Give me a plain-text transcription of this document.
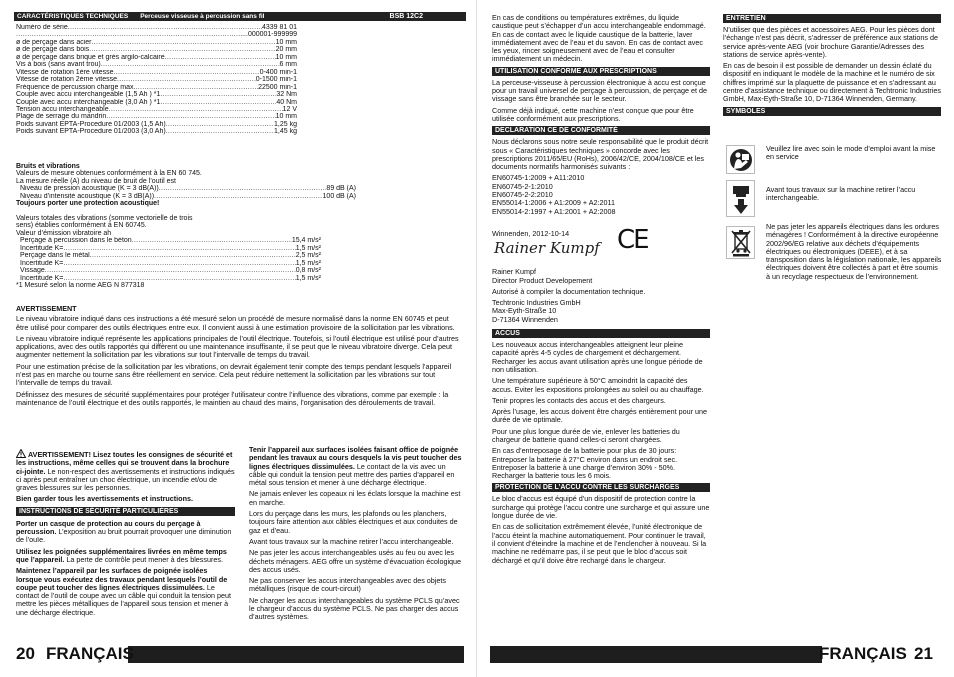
CARACTÉRISTIQUES TECHNIQUES Perceuse visseuse à percussion sans fil	BSB 12C2
Numéro de série .....	4339 81 01
.....
...000001-999999
ø de perçage dans acier .....	10 mm
ø de perçage dans bois .....	20 mm
ø de perçage dans brique et grès argilo-calcaire .....	10 mm
Vis à bois (sans avant trou) .....	6 mm
Vitesse de rotation 1ère vitesse .....	0-400 min-1
Vitesse de rotation 2ème vitesse .....	0-1500 min-1
Fréquence de percussion charge max. .....	22500 min-1
Couple avec accu interchangeable (1,5 Ah ) *1 .....	32 Nm
Couple avec accu interchangeable (3,0 Ah ) *1 .....	40 Nm
Tension accu interchangeable .....	12 V
Plage de serrage du mandrin .....	10 mm
Poids suivant EPTA-Procedure 01/2003 (1,5 Ah) .....	1,25 kg
Poids suivant EPTA-Procedure 01/2003 (3,0 Ah) .....	1,45 kg
Bruits et vibrations
Valeurs de mesure obtenues conformément à la EN 60 745.
La mesure réelle (A) du niveau de bruit de l’outil est
Niveau de pression acoustique (K = 3 dB(A)) .....	89 dB (A)
Niveau d’intensité acoustique (K = 3 dB(A)) .....	100 dB (A)
Toujours porter une protection acoustique!
Valeurs totales des vibrations (somme vectorielle de trois
sens) établies conformément à EN 60745.
Valeur d’émission vibratoire ah
Perçage à percussion dans le béton .....	15,4 m/s²
Incertitude K= .....	1,5 m/s²
Perçage dans le métal .....	2,5 m/s²
Incertitude K= .....	1,5 m/s²
Vissage .....	0,8 m/s²
Incertitude K= .....	1,5 m/s²
*1 Mesuré selon la norme AEG N 877318

AVERTISSEMENT

Le niveau vibratoire indiqué dans ces instructions a été mesuré selon un procédé de mesure normalisé dans la norme EN 60745 et peut être utilisé pour comparer des outils électriques entre eux. Il convient aussi à une estimation provisoire de la sollicitation par les vibrations.

Le niveau vibratoire indiqué représente les applications principales de l’outil électrique. Toutefois, si l’outil électrique est utilisé pour d’autres applications, avec des outils rapportés qui diffèrent ou une maintenance insuffisante, il se peut que le niveau vibratoire diverge. Cela peut augmenter nettement la sollicitation par les vibrations sur tout l’intervalle de temps du travail.

Pour une estimation précise de la sollicitation par les vibrations, on devrait également tenir compte des temps pendant lesquels l’appareil n’est pas en marche ou tourne sans être réellement en service. Cela peut réduire nettement la sollicitation par les vibrations sur tout l’intervalle de temps du travail.

Définissez des mesures de sécurité supplémentaires pour protéger l’utilisateur contre l’influence des vibrations, comme par exemple : la maintenance de l’outil électrique et des outils rapportés, le maintien au chaud des mains, l’organisation des déroulements de travail.

AVERTISSEMENT! Lisez toutes les consignes de sécurité et les instructions, même celles qui se trouvent dans la brochure ci-jointe. Le non-respect des avertissements et instructions indiqués ci après peut entraîner un choc électrique, un incendie et/ou de graves blessures sur les personnes.

Bien garder tous les avertissements et instructions.

INSTRUCTIONS DE SÉCURITÉ PARTICULIÈRES

Porter un casque de protection au cours du perçage à percussion. L’exposition au bruit pourrait provoquer une diminution de l’ouïe.

Utilisez les poignées supplémentaires livrées en même temps que l’appareil. La perte de contrôle peut mener à des blessures.

Maintenez l’appareil par les surfaces de poignée isolées lorsque vous exécutez des travaux pendant lesquels l’outil de coupe peut toucher des lignes électriques dissimulées. Le contact de l’outil de coupe avec un câble qui conduit la tension peut mettre les pièces métalliques de l’appareil sous tension et mener à une décharge électrique.

Tenir l’appareil aux surfaces isolées faisant office de poignée pendant les travaux au cours desquels la vis peut toucher des lignes électriques dissimulées. Le contact de la vis avec un câble qui conduit la tension peut mettre des parties d’appareil en métal sous tension et mener à une décharge électrique.

Ne jamais enlever les copeaux ni les éclats lorsque la machine est en marche.

Lors du perçage dans les murs, les plafonds ou les planchers, toujours faire attention aux câbles électriques et aux conduites de gaz et d’eau.

Avant tous travaux sur la machine retirer l’accu interchangeable.

Ne pas jeter les accus interchangeables usés au feu ou avec les déchets ménagers. AEG offre un système d’évacuation écologique des accus usés.

Ne pas conserver les accus interchangeables avec des objets métalliques (risque de court-circuit)

Ne charger les accus interchangeables du système PCLS qu’avec le chargeur d’accus du système PCLS. Ne pas charger des accus d’autres systèmes.

20 FRANÇAIS

En cas de conditions ou températures extrêmes, du liquide caustique peut s’échapper d’un accu interchangeable endommagé. En cas de contact avec le liquide caustique de la batterie, laver immédiatement avec de l’eau et du savon. En cas de contact avec les yeux, rincer soigneusement avec de l’eau et consulter immédiatement un médecin.

UTILISATION CONFORME AUX PRESCRIPTIONS

La perceuse-visseuse à percussion électronique à accu est conçue pour un travail universel de perçage à percussion, de perçage et de vissage sans être branchée sur le secteur.

Comme déjà indiqué, cette machine n’est conçue que pour être utilisée conformément aux prescriptions.

DECLARATION CE DE CONFORMITÉ

Nous déclarons sous notre seule responsabilité que le produit décrit sous « Caractéristiques techniques » concorde avec les prescriptions 2011/65/EU (RoHs), 2006/42/CE, 2004/108/CE et les documents normatifs harmonisés suivants :

EN60745-1:2009 + A11:2010
EN60745-2-1:2010
EN60745-2-2:2010
EN55014-1:2006 + A1:2009 + A2:2011
EN55014-2:1997 + A1:2001 + A2:2008
Winnenden, 2012-10-14
Rainer Kumpf CE
Rainer Kumpf
Director Product Developement

Autorisé à compiler la documentation technique.

Techtronic Industries GmbH
Max-Eyth-Straße 10
D-71364 Winnenden
ACCUS

Les nouveaux accus interchangeables atteignent leur pleine capacité après 4-5 cycles de chargement et déchargement. Recharger les accus avant utilisation après une longue période de non utilisation.

Une température supérieure à 50°C amoindrit la capacité des accus. Eviter les expositions prolongées au soleil ou au chauffage.

Tenir propres les contacts des accus et des chargeurs.

Après l’usage, les accus doivent être chargés entièrement pour une durée de vie optimale.

Pour une plus longue durée de vie, enlever les batteries du chargeur de batterie quand celles-ci seront chargées.

En cas d’entreposage de la batterie pour plus de 30 jours: Entreposer la batterie à 27°C environ dans un endroit sec. Entreposer la batterie à une charge d’environ 30% - 50%. Recharger la batterie tous les 6 mois.

PROTECTION DE L’ACCU CONTRE LES SURCHARGES

Le bloc d’accus est équipé d’un dispositif de protection contre la surcharge qui protège l’accu contre une surcharge et qui assure une longue durée de vie.

En cas de sollicitation extrêmement élevée, l’unité électronique de l’accu éteint la machine automatiquement. Pour continuer le travail, il convient d’éteindre la machine et de l’enclencher à nouveau. Si la machine ne redémarre pas, il se peut que le bloc d’accus soit déchargé et qu’il doive être rechargé dans le chargeur.

ENTRETIEN

N’utiliser que des pièces et accessoires AEG. Pour les pièces dont l’échange n’est pas décrit, s’adresser de préférence aux stations de service après-vente AEG (voir brochure Garantie/Adresses des stations de service après-vente).

En cas de besoin il est possible de demander un dessin éclaté du dispositif en indiquant le modèle de la machine et le numéro de six chiffres imprimé sur la plaquette de puissance et en s’adressant au centre d’assistance technique ou directement à Techtronic Industries GmbH, Max-Eyth-Straße 10, D-71364 Winnenden, Germany.

SYMBOLES
Veuillez lire avec soin le mode d’emploi avant la mise en service
Avant tous travaux sur la machine retirer l’accu interchangeable.
Ne pas jeter les appareils électriques dans les ordures ménagères ! Conformément à la directive européenne 2002/96/EG relative aux déchets d’équipements électriques ou électroniques (DEEE), et à sa transposition dans la législation nationale, les appareils électriques doivent être collectés à part et être soumis à un recyclage respectueux de l’environnement.
FRANÇAIS 21
